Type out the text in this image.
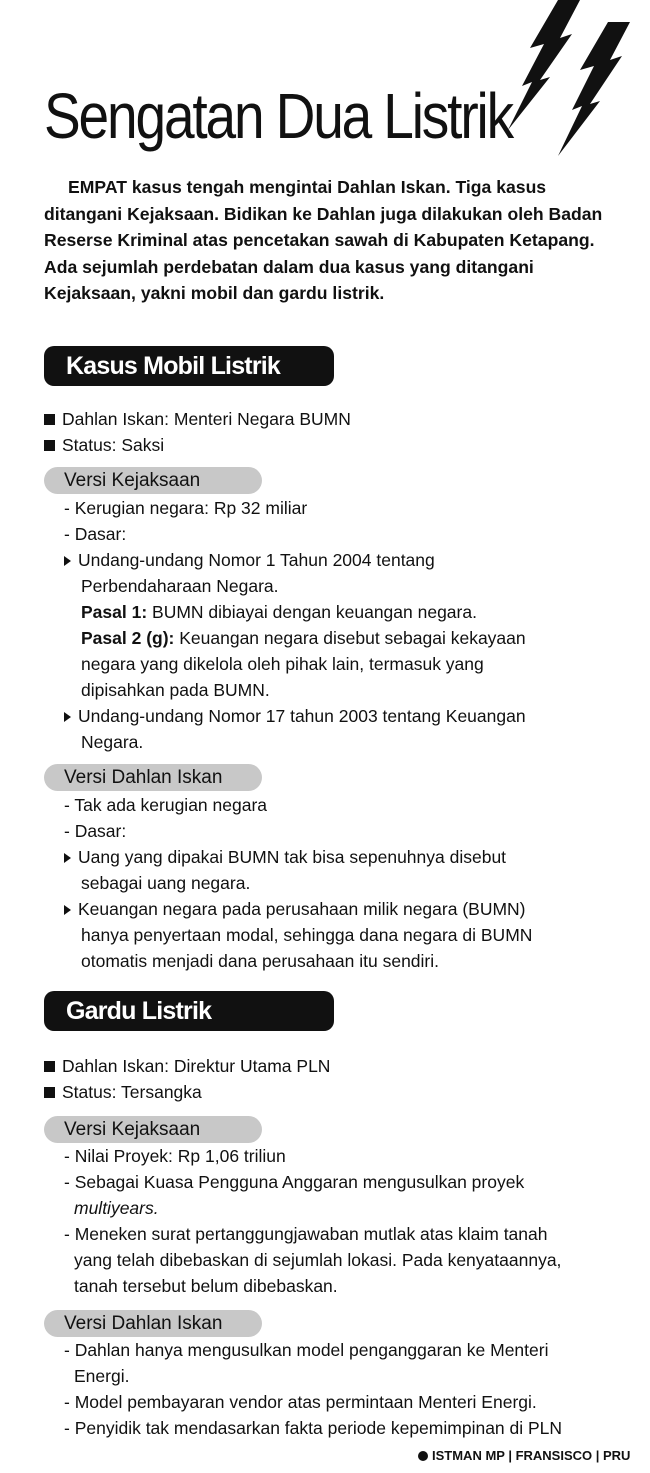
Sengatan Dua Listrik
EMPAT kasus tengah mengintai Dahlan Iskan. Tiga kasus ditangani Kejaksaan. Bidikan ke Dahlan juga dilakukan oleh Badan Reserse Kriminal atas pencetakan sawah di Kabupaten Ketapang. Ada sejumlah perdebatan dalam dua kasus yang ditangani Kejaksaan, yakni mobil dan gardu listrik.
Kasus Mobil Listrik
Dahlan Iskan: Menteri Negara BUMN
Status: Saksi
Versi Kejaksaan
- Kerugian negara: Rp 32 miliar
- Dasar:
Undang-undang Nomor 1 Tahun 2004 tentang
Perbendaharaan Negara.
Pasal 1: BUMN dibiayai dengan keuangan negara.
Pasal 2 (g): Keuangan negara disebut sebagai kekayaan
negara yang dikelola oleh pihak lain, termasuk yang
dipisahkan pada BUMN.
Undang-undang Nomor 17 tahun 2003 tentang Keuangan
Negara.
Versi Dahlan Iskan
- Tak ada kerugian negara
- Dasar:
Uang yang dipakai BUMN tak bisa sepenuhnya disebut
sebagai uang negara.
Keuangan negara pada perusahaan milik negara (BUMN)
hanya penyertaan modal, sehingga dana negara di BUMN
otomatis menjadi dana perusahaan itu sendiri.
Gardu Listrik
Dahlan Iskan: Direktur Utama PLN
Status: Tersangka
Versi Kejaksaan
- Nilai Proyek: Rp 1,06 triliun
- Sebagai Kuasa Pengguna Anggaran mengusulkan proyek
multiyears.
- Meneken surat pertanggungjawaban mutlak atas klaim tanah
yang telah dibebaskan di sejumlah lokasi. Pada kenyataannya,
tanah tersebut belum dibebaskan.
Versi Dahlan Iskan
- Dahlan hanya mengusulkan model penganggaran ke Menteri
Energi.
- Model pembayaran vendor atas permintaan Menteri Energi.
- Penyidik tak mendasarkan fakta periode kepemimpinan di PLN
ISTMAN MP | FRANSISCO | PRU
